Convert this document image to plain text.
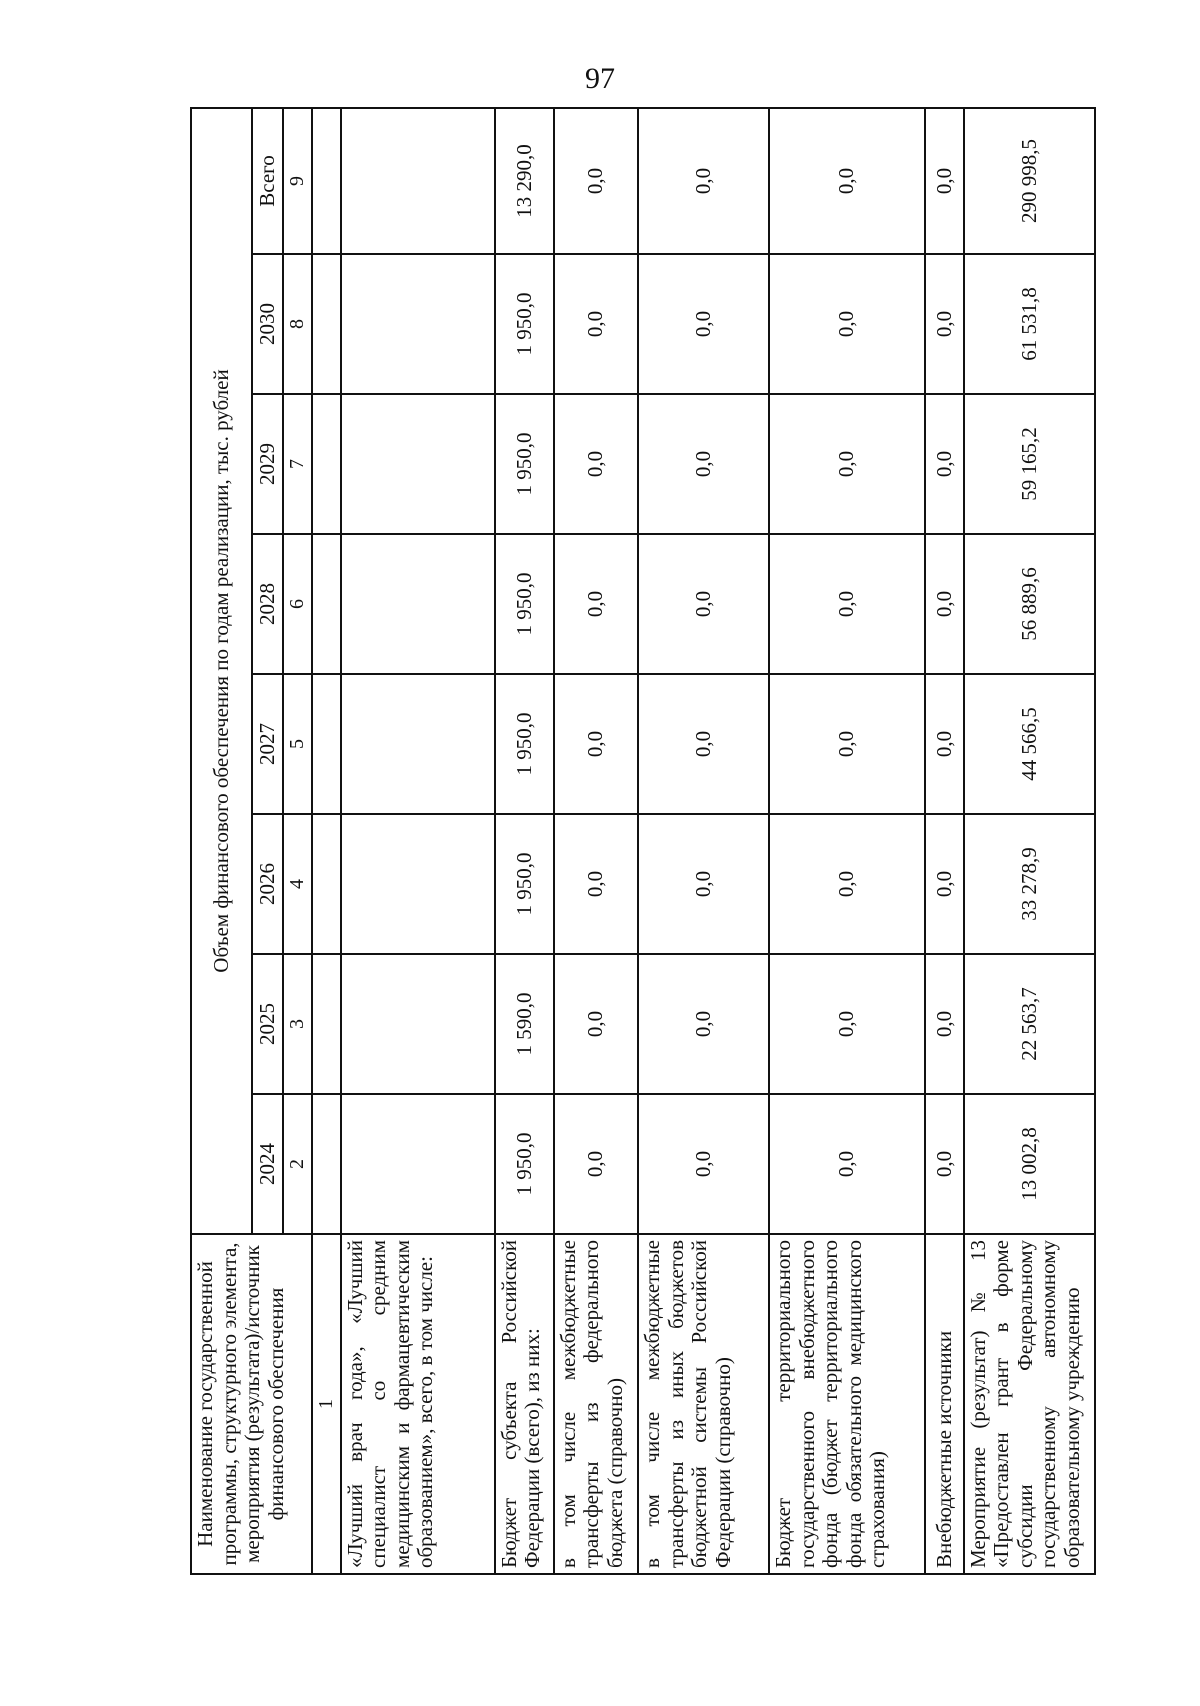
97
Наименование государственной программы, структурного элемента, мероприятия (результата)/источник финансового обеспечения	Объем финансового обеспечения по годам реализации, тыс. рублей							
	2024	2025	2026	2027	2028	2029	2030	Всего
	2	3	4	5	6	7	8	9
1								
«Лучший врач года», «Лучший специалист со средним медицинским и фармацевтическим образованием», всего, в том числе:								
Бюджет субъекта Российской Федерации (всего), из них:	1 950,0	1 590,0	1 950,0	1 950,0	1 950,0	1 950,0	1 950,0	13 290,0
в том числе межбюджетные трансферты из федерального бюджета (справочно)	0,0	0,0	0,0	0,0	0,0	0,0	0,0	0,0
в том числе межбюджетные трансферты из иных бюджетов бюджетной системы Российской Федерации (справочно)	0,0	0,0	0,0	0,0	0,0	0,0	0,0	0,0
Бюджет территориального государственного внебюджетного фонда (бюджет территориального фонда обязательного медицинского страхования)	0,0	0,0	0,0	0,0	0,0	0,0	0,0	0,0
Внебюджетные источники	0,0	0,0	0,0	0,0	0,0	0,0	0,0	0,0
Мероприятие (результат) № 13 «Предоставлен грант в форме субсидии Федеральному государственному автономному образовательному учреждению	13 002,8	22 563,7	33 278,9	44 566,5	56 889,6	59 165,2	61 531,8	290 998,5
